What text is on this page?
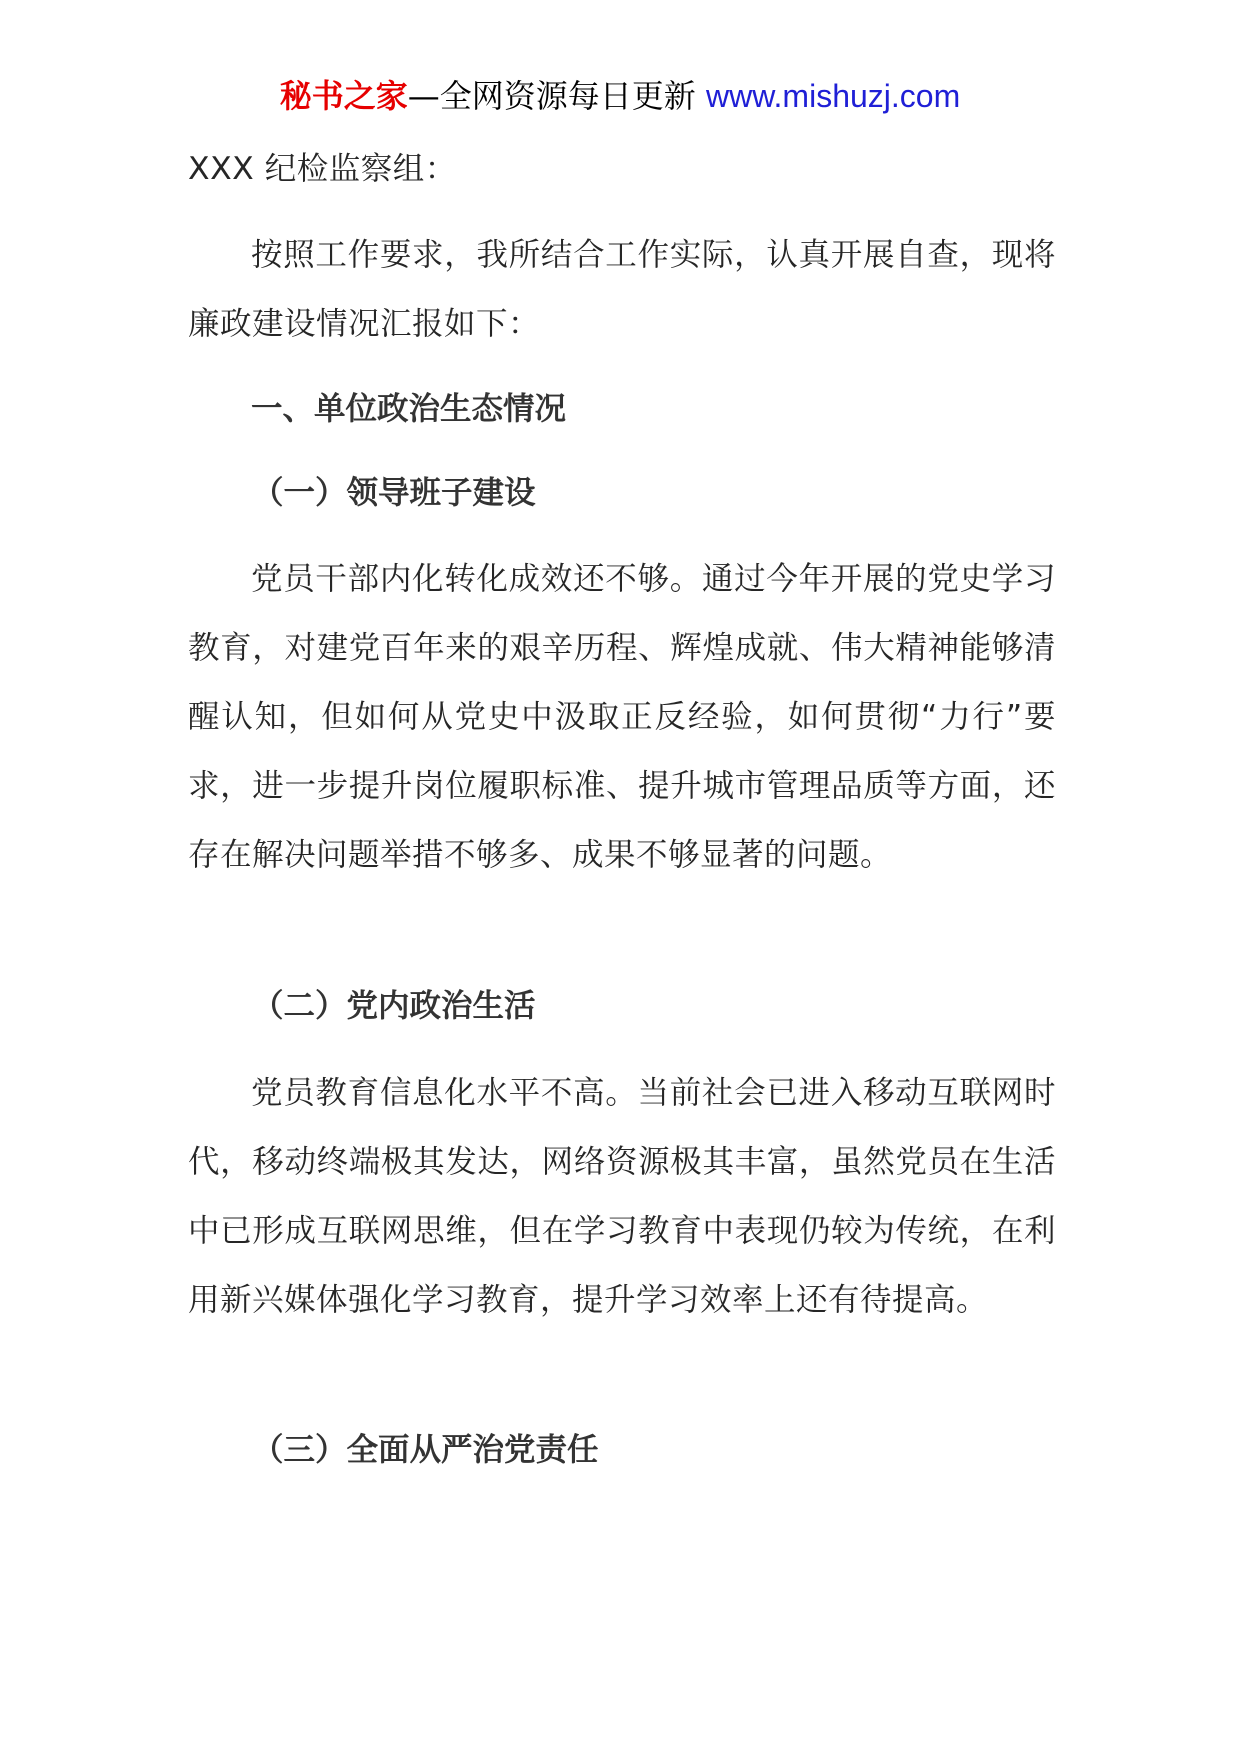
秘书之家—全网资源每日更新 www.mishuzj.com
XXX 纪检监察组：
按照工作要求，我所结合工作实际，认真开展自查，现将廉政建设情况汇报如下：
一、单位政治生态情况
（一）领导班子建设
党员干部内化转化成效还不够。通过今年开展的党史学习教育，对建党百年来的艰辛历程、辉煌成就、伟大精神能够清醒认知，但如何从党史中汲取正反经验，如何贯彻“力行”要求，进一步提升岗位履职标准、提升城市管理品质等方面，还存在解决问题举措不够多、成果不够显著的问题。
（二）党内政治生活
党员教育信息化水平不高。当前社会已进入移动互联网时代，移动终端极其发达，网络资源极其丰富，虽然党员在生活中已形成互联网思维，但在学习教育中表现仍较为传统，在利用新兴媒体强化学习教育，提升学习效率上还有待提高。
（三）全面从严治党责任
